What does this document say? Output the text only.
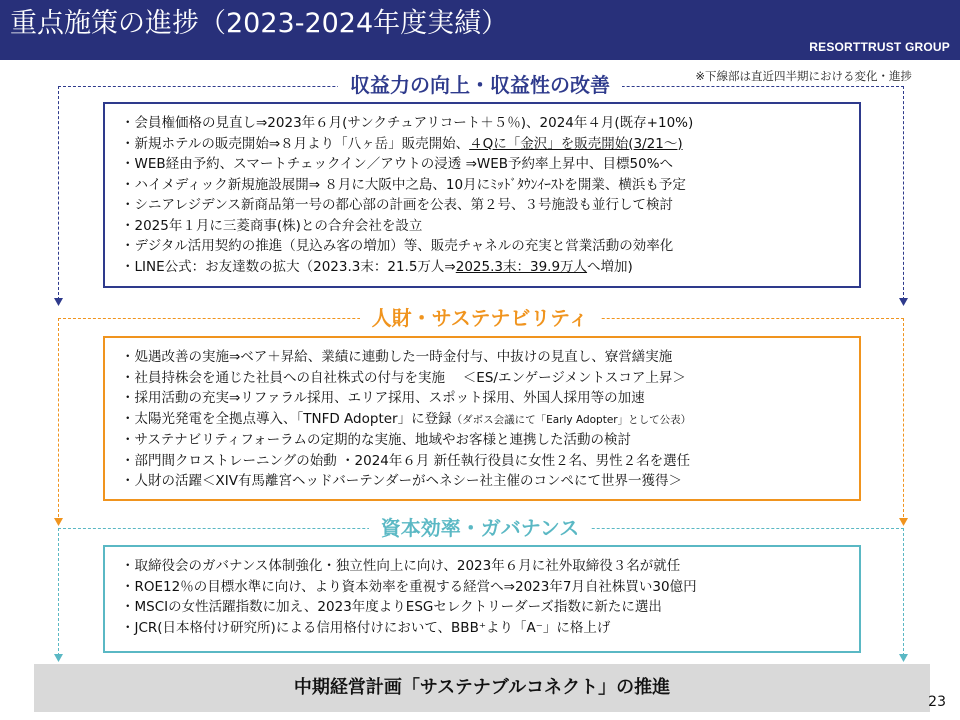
重点施策の進捗（2023-2024年度実績）
RESORTTRUST GROUP
※下線部は直近四半期における変化・進捗
収益力の向上・収益性の改善
・会員権価格の見直し⇒2023年６月(サンクチュアリコート＋５％)、2024年４月(既存+10%)
・新規ホテルの販売開始⇒８月より「八ヶ岳」販売開始、４Qに「金沢」を販売開始(3/21～)
・WEB経由予約、スマートチェックイン／アウトの浸透 ⇒WEB予約率上昇中、目標50%へ
・ハイメディック新規施設展開⇒ ８月に大阪中之島、10月にﾐｯﾄﾞﾀｳﾝｲｰｽﾄを開業、横浜も予定
・シニアレジデンス新商品第一号の都心部の計画を公表、第２号、３号施設も並行して検討
・2025年１月に三菱商事(株)との合弁会社を設立
・デジタル活用契約の推進（見込み客の増加）等、販売チャネルの充実と営業活動の効率化
・LINE公式：お友達数の拡大（2023.3末：21.5万人⇒2025.3末：39.9万人へ増加)
人財・サステナビリティ
・処遇改善の実施⇒ベア＋昇給、業績に連動した一時金付与、中抜けの見直し、寮営繕実施
・社員持株会を通じた社員への自社株式の付与を実施　 ＜ES/エンゲージメントスコア上昇＞
・採用活動の充実⇒リファラル採用、エリア採用、スポット採用、外国人採用等の加速
・太陽光発電を全拠点導入、「TNFD Adopter」に登録（ダボス会議にて「Early Adopter」として公表）
・サステナビリティフォーラムの定期的な実施、地域やお客様と連携した活動の検討
・部門間クロストレーニングの始動 ・2024年６月 新任執行役員に女性２名、男性２名を選任
・人財の活躍＜XIV有馬離宮ヘッドバーテンダーがヘネシー社主催のコンペにて世界一獲得＞
資本効率・ガバナンス
・取締役会のガバナンス体制強化・独立性向上に向け、2023年６月に社外取締役３名が就任
・ROE12％の目標水準に向け、より資本効率を重視する経営へ⇒2023年7月自社株買い30億円
・MSCIの女性活躍指数に加え、2023年度よりESGセレクトリーダーズ指数に新たに選出
・JCR(日本格付け研究所)による信用格付けにおいて、BBB⁺より「A⁻」に格上げ
中期経営計画「サステナブルコネクト」の推進
23
